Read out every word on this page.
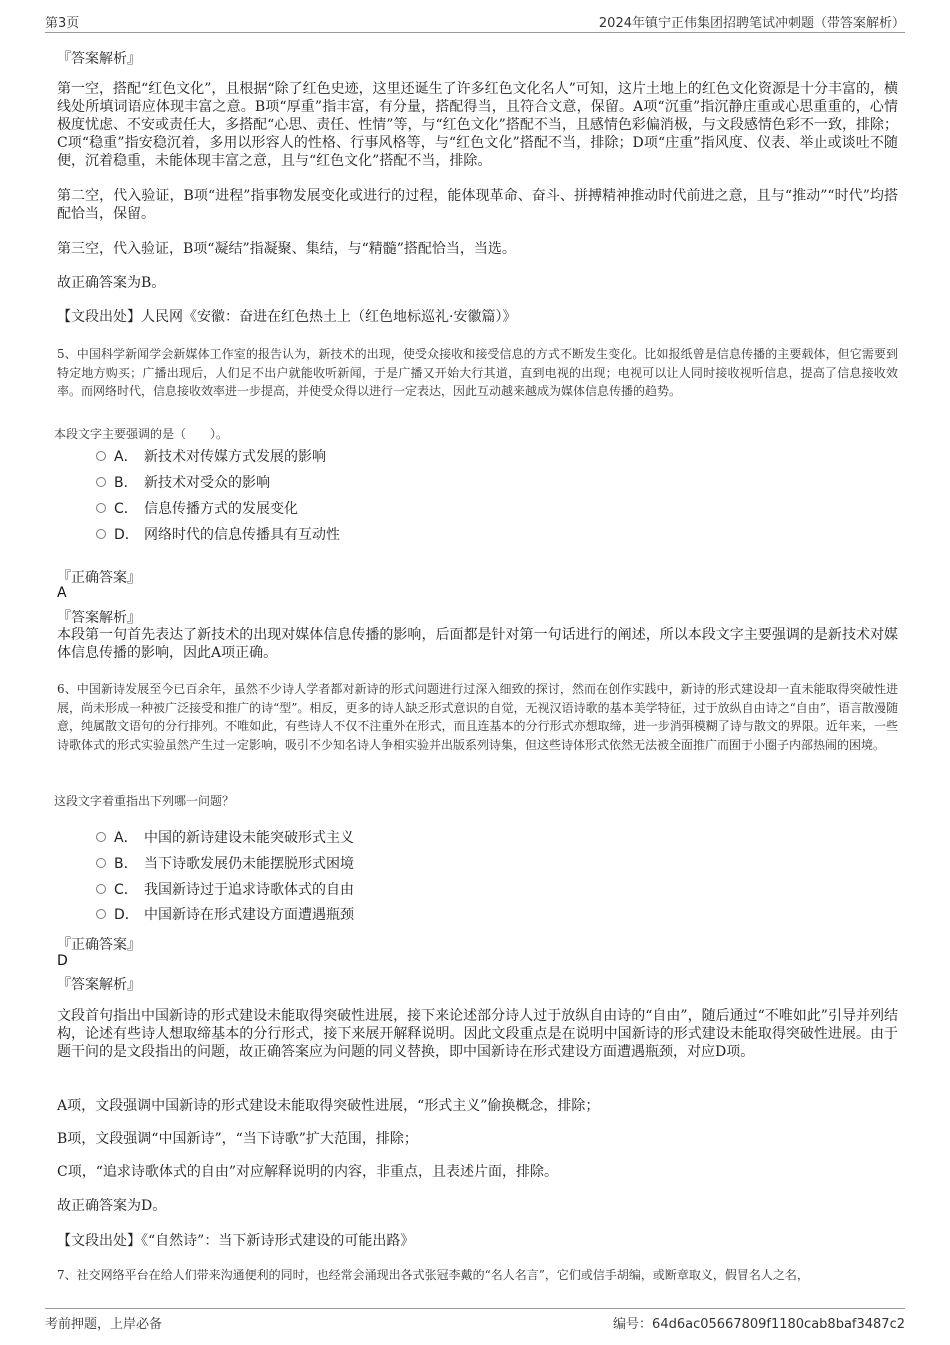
第3页	2024年镇宁正伟集团招聘笔试冲刺题（带答案解析）
『答案解析』
第一空，搭配“红色文化”，且根据“除了红色史迹，这里还诞生了许多红色文化名人”可知，这片土地上的红色文化资源是十分丰富的，横线处所填词语应体现丰富之意。B项“厚重”指丰富，有分量，搭配得当，且符合文意，保留。A项“沉重”指沉静庄重或心思重重的，心情极度忧虑、不安或责任大，多搭配“心思、责任、性情”等，与“红色文化”搭配不当，且感情色彩偏消极，与文段感情色彩不一致，排除；C项“稳重”指安稳沉着，多用以形容人的性格、行事风格等，与“红色文化”搭配不当，排除；D项“庄重”指风度、仪表、举止或谈吐不随便，沉着稳重，未能体现丰富之意，且与“红色文化”搭配不当，排除。
第二空，代入验证，B项“进程”指事物发展变化或进行的过程，能体现革命、奋斗、拼搏精神推动时代前进之意，且与“推动”“时代”均搭配恰当，保留。
第三空，代入验证，B项“凝结”指凝聚、集结，与“精髓”搭配恰当，当选。
故正确答案为B。
【文段出处】人民网《安徽：奋进在红色热土上（红色地标巡礼·安徽篇）》
5、中国科学新闻学会新媒体工作室的报告认为，新技术的出现，使受众接收和接受信息的方式不断发生变化。比如报纸曾是信息传播的主要载体，但它需要到特定地方购买；广播出现后，人们足不出户就能收听新闻，于是广播又开始大行其道，直到电视的出现；电视可以让人同时接收视听信息，提高了信息接收效率。而网络时代，信息接收效率进一步提高，并使受众得以进行一定表达，因此互动越来越成为媒体信息传播的趋势。
本段文字主要强调的是（　　）。
A． 新技术对传媒方式发展的影响
B． 新技术对受众的影响
C． 信息传播方式的发展变化
D． 网络时代的信息传播具有互动性
『正确答案』
A
『答案解析』
本段第一句首先表达了新技术的出现对媒体信息传播的影响，后面都是针对第一句话进行的阐述，所以本段文字主要强调的是新技术对媒体信息传播的影响，因此A项正确。
6、中国新诗发展至今已百余年，虽然不少诗人学者都对新诗的形式问题进行过深入细致的探讨，然而在创作实践中，新诗的形式建设却一直未能取得突破性进展，尚未形成一种被广泛接受和推广的诗“型”。相反，更多的诗人缺乏形式意识的自觉，无视汉语诗歌的基本美学特征，过于放纵自由诗之“自由”，语言散漫随意，纯属散文语句的分行排列。不唯如此，有些诗人不仅不注重外在形式，而且连基本的分行形式亦想取缔，进一步消弭模糊了诗与散文的界限。近年来，一些诗歌体式的形式实验虽然产生过一定影响，吸引不少知名诗人争相实验并出版系列诗集，但这些诗体形式依然无法被全面推广而囿于小圈子内部热闹的困境。
这段文字着重指出下列哪一问题？
A． 中国的新诗建设未能突破形式主义
B． 当下诗歌发展仍未能摆脱形式困境
C． 我国新诗过于追求诗歌体式的自由
D． 中国新诗在形式建设方面遭遇瓶颈
『正确答案』
D
『答案解析』
文段首句指出中国新诗的形式建设未能取得突破性进展，接下来论述部分诗人过于放纵自由诗的“自由”，随后通过“不唯如此”引导并列结构，论述有些诗人想取缔基本的分行形式，接下来展开解释说明。因此文段重点是在说明中国新诗的形式建设未能取得突破性进展。由于题干问的是文段指出的问题，故正确答案应为问题的同义替换，即中国新诗在形式建设方面遭遇瓶颈，对应D项。
A项，文段强调中国新诗的形式建设未能取得突破性进展，“形式主义”偷换概念，排除；
B项，文段强调“中国新诗”，“当下诗歌”扩大范围，排除；
C项，“追求诗歌体式的自由”对应解释说明的内容，非重点，且表述片面，排除。
故正确答案为D。
【文段出处】《“自然诗”：当下新诗形式建设的可能出路》
7、社交网络平台在给人们带来沟通便利的同时，也经常会涌现出各式张冠李戴的“名人名言”，它们或信手胡编，或断章取义，假冒名人之名，
考前押题，上岸必备	编号：64d6ac05667809f1180cab8baf3487c2
